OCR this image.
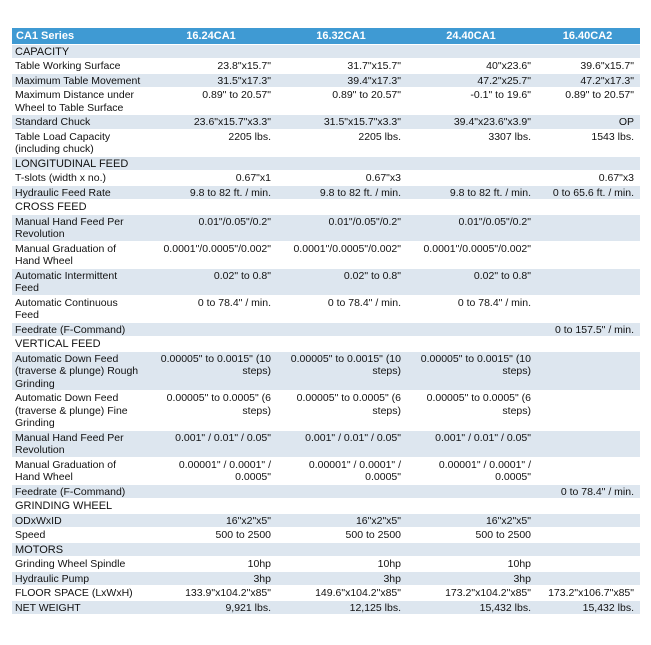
CA1 Series	16.24CA1	16.32CA1	24.40CA1	16.40CA2
CAPACITY				
Table Working Surface	23.8"x15.7"	31.7"x15.7"	40"x23.6"	39.6"x15.7"
Maximum Table Movement	31.5"x17.3"	39.4"x17.3"	47.2"x25.7"	47.2"x17.3"
Maximum Distance under Wheel to Table Surface	0.89" to 20.57"	0.89" to 20.57"	-0.1" to 19.6"	0.89" to 20.57"
Standard Chuck	23.6"x15.7"x3.3"	31.5"x15.7"x3.3"	39.4"x23.6"x3.9"	OP
Table Load Capacity (including chuck)	2205 lbs.	2205 lbs.	3307 lbs.	1543 lbs.
LONGITUDINAL FEED				
T-slots (width x no.)	0.67"x1	0.67"x3		0.67"x3
Hydraulic Feed Rate	9.8 to 82 ft. / min.	9.8 to 82 ft. / min.	9.8 to 82 ft. / min.	0 to 65.6 ft. / min.
CROSS FEED				
Manual Hand Feed Per Revolution	0.01"/0.05"/0.2"	0.01"/0.05"/0.2"	0.01"/0.05"/0.2"	
Manual Graduation of Hand Wheel	0.0001"/0.0005"/0.002"	0.0001"/0.0005"/0.002"	0.0001"/0.0005"/0.002"	
Automatic Intermittent Feed	0.02" to 0.8"	0.02" to 0.8"	0.02" to 0.8"	
Automatic Continuous Feed	0 to 78.4" / min.	0 to 78.4" / min.	0 to 78.4" / min.	
Feedrate (F-Command)				0 to 157.5" / min.
VERTICAL FEED				
Automatic Down Feed (traverse & plunge) Rough Grinding	0.00005" to 0.0015" (10 steps)	0.00005" to 0.0015" (10 steps)	0.00005" to 0.0015" (10 steps)	
Automatic Down Feed (traverse & plunge) Fine Grinding	0.00005" to 0.0005" (6 steps)	0.00005" to 0.0005" (6 steps)	0.00005" to 0.0005" (6 steps)	
Manual Hand Feed Per Revolution	0.001" / 0.01" / 0.05"	0.001" / 0.01" / 0.05"	0.001" / 0.01" / 0.05"	
Manual Graduation of Hand Wheel	0.00001" / 0.0001" / 0.0005"	0.00001" / 0.0001" / 0.0005"	0.00001" / 0.0001" / 0.0005"	
Feedrate (F-Command)				0 to 78.4" / min.
GRINDING WHEEL				
ODxWxID	16"x2"x5"	16"x2"x5"	16"x2"x5"	
Speed	500 to 2500	500 to 2500	500 to 2500	
MOTORS				
Grinding Wheel Spindle	10hp	10hp	10hp	
Hydraulic Pump	3hp	3hp	3hp	
FLOOR SPACE (LxWxH)	133.9"x104.2"x85"	149.6"x104.2"x85"	173.2"x104.2"x85"	173.2"x106.7"x85"
NET WEIGHT	9,921 lbs.	12,125 lbs.	15,432 lbs.	15,432 lbs.
